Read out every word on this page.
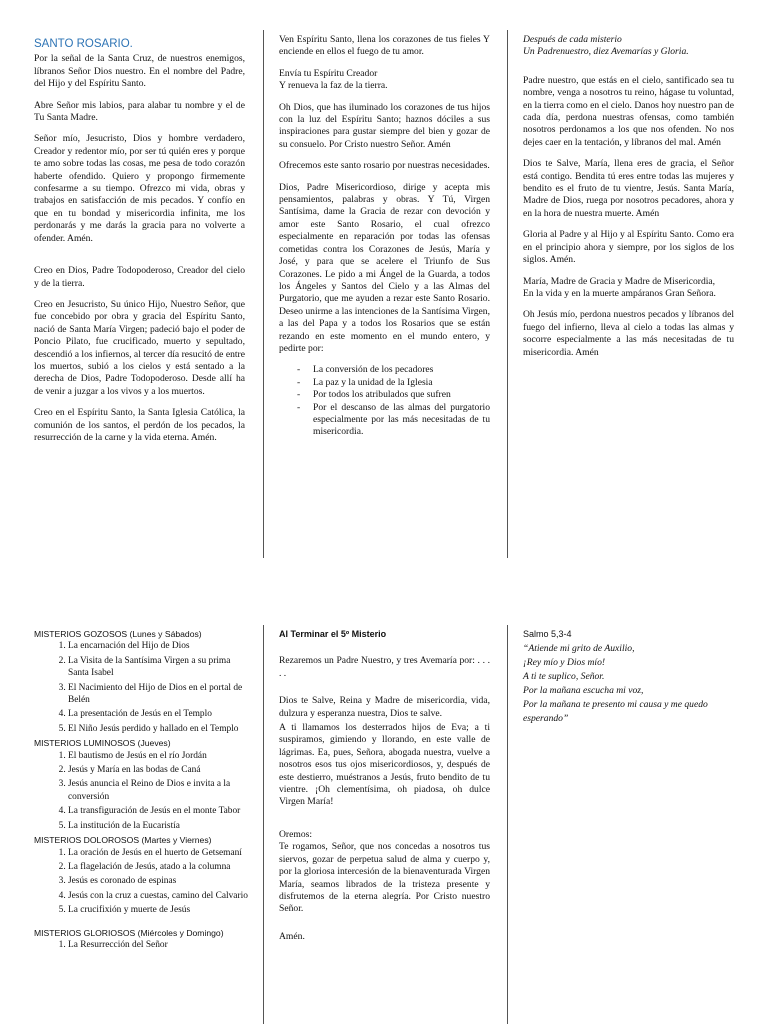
SANTO ROSARIO.

Por la señal de la Santa Cruz, de nuestros enemigos, líbranos Señor Dios nuestro. En el nombre del Padre, del Hijo y del Espíritu Santo.

Abre Señor mis labios, para alabar tu nombre y el de Tu Santa Madre.

Señor mío, Jesucristo, Dios y hombre verdadero, Creador y redentor mío, por ser tú quién eres y porque te amo sobre todas las cosas, me pesa de todo corazón haberte ofendido. Quiero y propongo firmemente confesarme a su tiempo. Ofrezco mi vida, obras y trabajos en satisfacción de mis pecados. Y confío en que en tu bondad y misericordia infinita, me los perdonarás y me darás la gracia para no volverte a ofender. Amén.

Creo en Dios, Padre Todopoderoso, Creador del cielo y de la tierra.

Creo en Jesucristo, Su único Hijo, Nuestro Señor, que fue concebido por obra y gracia del Espíritu Santo, nació de Santa María Virgen; padeció bajo el poder de Poncio Pilato, fue crucificado, muerto y sepultado, descendió a los infiernos, al tercer día resucitó de entre los muertos, subió a los cielos y está sentado a la derecha de Dios, Padre Todopoderoso. Desde allí ha de venir a juzgar a los vivos y a los muertos.

Creo en el Espíritu Santo, la Santa Iglesia Católica, la comunión de los santos, el perdón de los pecados, la resurrección de la carne y la vida eterna. Amén.

Ven Espíritu Santo, llena los corazones de tus fieles Y enciende en ellos el fuego de tu amor.

Envía tu Espíritu Creador
Y renueva la faz de la tierra.

Oh Dios, que has iluminado los corazones de tus hijos con la luz del Espíritu Santo; haznos dóciles a sus inspiraciones para gustar siempre del bien y gozar de su consuelo. Por Cristo nuestro Señor. Amén

Ofrecemos este santo rosario por nuestras necesidades.

Dios, Padre Misericordioso, dirige y acepta mis pensamientos, palabras y obras. Y Tú, Virgen Santísima, dame la Gracia de rezar con devoción y amor este Santo Rosario, el cual ofrezco especialmente en reparación por todas las ofensas cometidas contra los Corazones de Jesús, María y José, y para que se acelere el Triunfo de Sus Corazones. Le pido a mi Ángel de la Guarda, a todos los Ángeles y Santos del Cielo y a las Almas del Purgatorio, que me ayuden a rezar este Santo Rosario. Deseo unirme a las intenciones de la Santísima Virgen, a las del Papa y a todos los Rosarios que se están rezando en este momento en el mundo entero, y pedirte por:

- La conversión de los pecadores
- La paz y la unidad de la Iglesia
- Por todos los atribulados que sufren
- Por el descanso de las almas del purgatorio especialmente por las más necesitadas de tu misericordia.

Después de cada misterio
Un Padrenuestro, diez Avemarías y Gloria.

Padre nuestro, que estás en el cielo, santificado sea tu nombre, venga a nosotros tu reino, hágase tu voluntad, en la tierra como en el cielo. Danos hoy nuestro pan de cada día, perdona nuestras ofensas, como también nosotros perdonamos a los que nos ofenden. No nos dejes caer en la tentación, y líbranos del mal. Amén

Dios te Salve, María, llena eres de gracia, el Señor está contigo. Bendita tú eres entre todas las mujeres y bendito es el fruto de tu vientre, Jesús. Santa María, Madre de Dios, ruega por nosotros pecadores, ahora y en la hora de nuestra muerte. Amén

Gloria al Padre y al Hijo y al Espíritu Santo. Como era en el principio ahora y siempre, por los siglos de los siglos. Amén.

María, Madre de Gracia y Madre de Misericordia,
En la vida y en la muerte ampáranos Gran Señora.

Oh Jesús mío, perdona nuestros pecados y líbranos del fuego del infierno, lleva al cielo a todas las almas y socorre especialmente a las más necesitadas de tu misericordia. Amén

MISTERIOS GOZOSOS (Lunes y Sábados)
1. La encarnación del Hijo de Dios
2. La Visita de la Santísima Virgen a su prima Santa Isabel
3. El Nacimiento del Hijo de Dios en el portal de Belén
4. La presentación de Jesús en el Templo
5. El Niño Jesús perdido y hallado en el Templo
MISTERIOS LUMINOSOS (Jueves)
1. El bautismo de Jesús en el río Jordán
2. Jesús y María en las bodas de Caná
3. Jesús anuncia el Reino de Dios e invita a la conversión
4. La transfiguración de Jesús en el monte Tabor
5. La institución de la Eucaristía
MISTERIOS DOLOROSOS (Martes y Viernes)
1. La oración de Jesús en el huerto de Getsemaní
2. La flagelación de Jesús, atado a la columna
3. Jesús es coronado de espinas
4. Jesús con la cruz a cuestas, camino del Calvario
5. La crucifixión y muerte de Jesús
MISTERIOS GLORIOSOS (Miércoles y Domingo)
1. La Resurrección del Señor

Al Terminar el 5º Misterio

Rezaremos un Padre Nuestro, y tres Avemaría por: . . . . .

Dios te Salve, Reina y Madre de misericordia, vida, dulzura y esperanza nuestra, Dios te salve.

A ti llamamos los desterrados hijos de Eva; a ti suspiramos, gimiendo y llorando, en este valle de lágrimas. Ea, pues, Señora, abogada nuestra, vuelve a nosotros esos tus ojos misericordiosos, y, después de este destierro, muéstranos a Jesús, fruto bendito de tu vientre. ¡Oh clementísima, oh piadosa, oh dulce Virgen María!

Oremos:

Te rogamos, Señor, que nos concedas a nosotros tus siervos, gozar de perpetua salud de alma y cuerpo y, por la gloriosa intercesión de la bienaventurada Virgen María, seamos librados de la tristeza presente y disfrutemos de la eterna alegría. Por Cristo nuestro Señor.

Amén.

Salmo 5,3-4

“Atiende mi grito de Auxilio,
¡Rey mío y Dios mío!
A ti te suplico, Señor.
Por la mañana escucha mi voz,
Por la mañana te presento mi causa y me quedo esperando”
